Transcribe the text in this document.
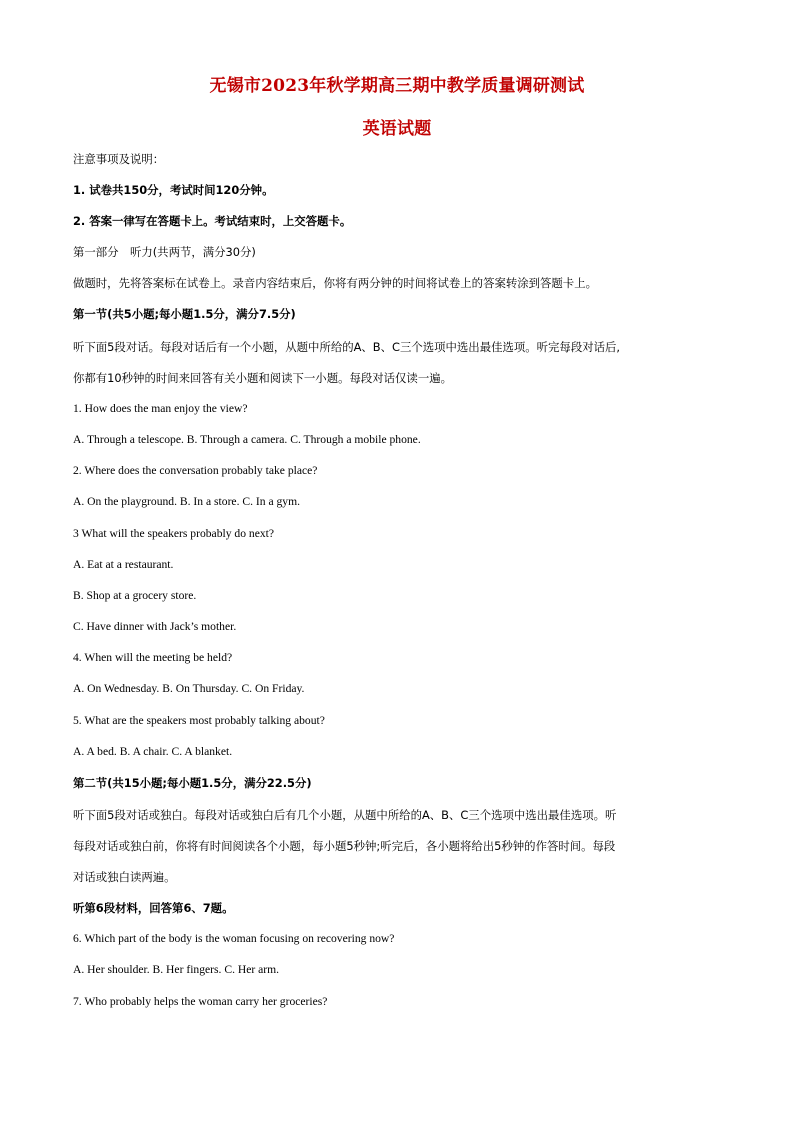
无锡市2023年秋学期高三期中教学质量调研测试
英语试题
注意事项及说明：
1. 试卷共150分，考试时间120分钟。
2. 答案一律写在答题卡上。考试结束时，上交答题卡。
第一部分　听力(共两节，满分30分)
做题时，先将答案标在试卷上。录音内容结束后，你将有两分钟的时间将试卷上的答案转涂到答题卡上。
第一节(共5小题;每小题1.5分，满分7.5分)
听下面5段对话。每段对话后有一个小题，从题中所给的A、B、C三个选项中选出最佳选项。听完每段对话后,
你都有10秒钟的时间来回答有关小题和阅读下一小题。每段对话仅读一遍。
1. How does the man enjoy the view?
A. Through a telescope. B. Through a camera. C. Through a mobile phone.
2. Where does the conversation probably take place?
A. On the playground. B. In a store. C. In a gym.
3 What will the speakers probably do next?
A. Eat at a restaurant.
B. Shop at a grocery store.
C. Have dinner with Jack’s mother.
4. When will the meeting be held?
A. On Wednesday. B. On Thursday. C. On Friday.
5. What are the speakers most probably talking about?
A. A bed. B. A chair. C. A blanket.
第二节(共15小题;每小题1.5分，满分22.5分)
听下面5段对话或独白。每段对话或独白后有几个小题，从题中所给的A、B、C三个选项中选出最佳选项。听
每段对话或独白前，你将有时间阅读各个小题，每小题5秒钟;听完后，各小题将给出5秒钟的作答时间。每段
对话或独白读两遍。
听第6段材料，回答第6、7题。
6. Which part of the body is the woman focusing on recovering now?
A. Her shoulder. B. Her fingers. C. Her arm.
7. Who probably helps the woman carry her groceries?
